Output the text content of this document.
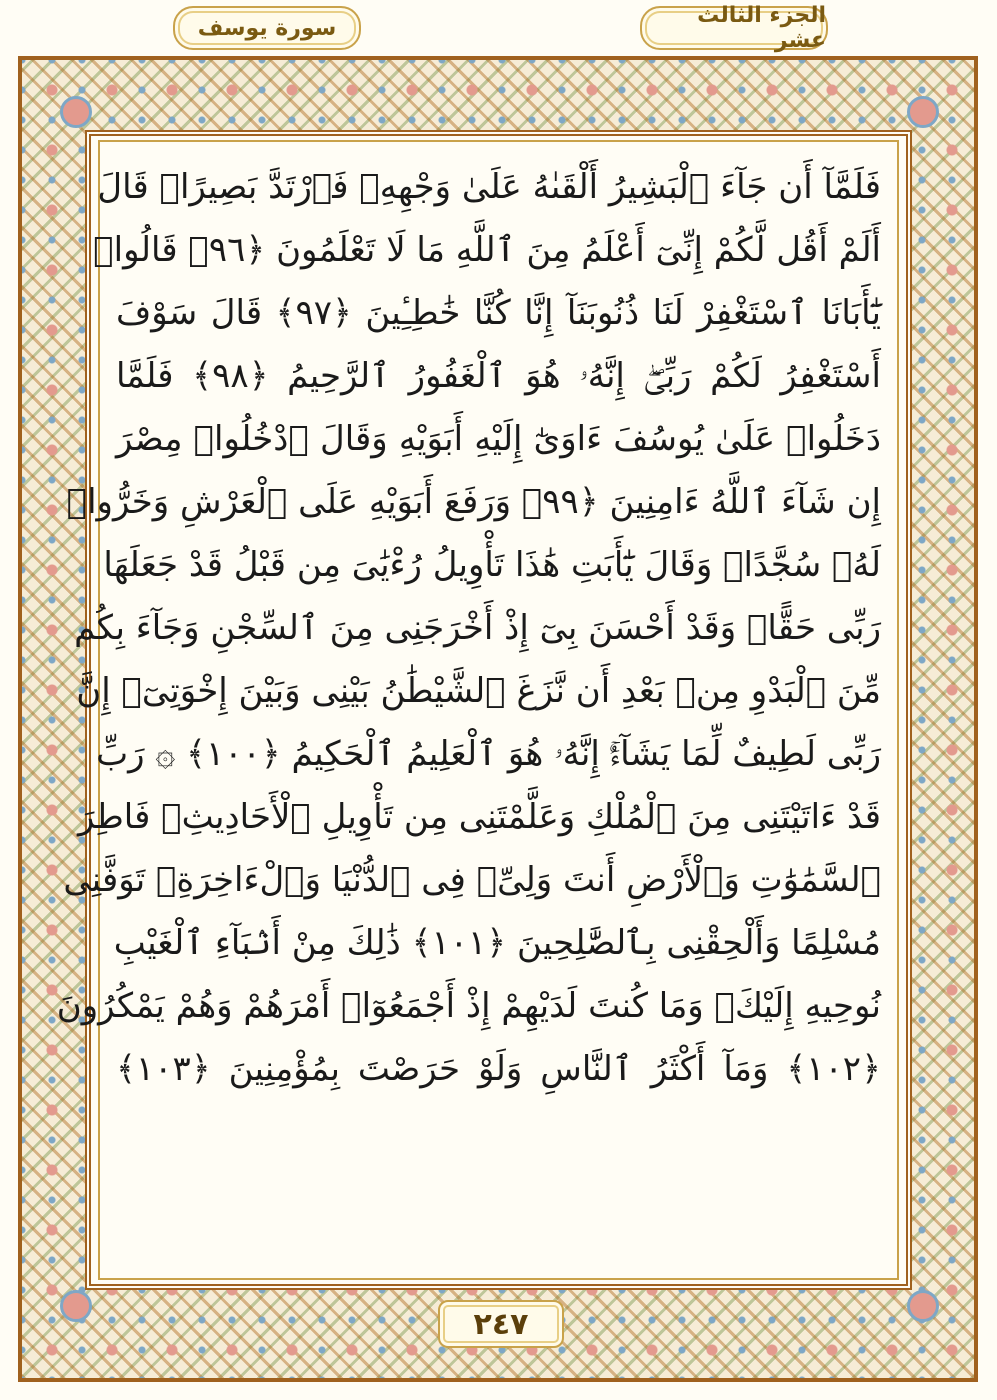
الجزء الثالث عشر
سورة يوسف
فَلَمَّآ أَن جَآءَ ٱلْبَشِيرُ أَلْقَىٰهُ عَلَىٰ وَجْهِهِۦ فَٱرْتَدَّ بَصِيرًاۖ قَالَ
أَلَمْ أَقُل لَّكُمْ إِنِّىٓ أَعْلَمُ مِنَ ٱللَّهِ مَا لَا تَعْلَمُونَ ﴿٩٦﴾ قَالُوا۟
يَٰٓأَبَانَا ٱسْتَغْفِرْ لَنَا ذُنُوبَنَآ إِنَّا كُنَّا خَٰطِـِٔينَ ﴿٩٧﴾ قَالَ سَوْفَ
أَسْتَغْفِرُ لَكُمْ رَبِّىٓۖ إِنَّهُۥ هُوَ ٱلْغَفُورُ ٱلرَّحِيمُ ﴿٩٨﴾ فَلَمَّا
دَخَلُوا۟ عَلَىٰ يُوسُفَ ءَاوَىٰٓ إِلَيْهِ أَبَوَيْهِ وَقَالَ ٱدْخُلُوا۟ مِصْرَ
إِن شَآءَ ٱللَّهُ ءَامِنِينَ ﴿٩٩﴾ وَرَفَعَ أَبَوَيْهِ عَلَى ٱلْعَرْشِ وَخَرُّوا۟
لَهُۥ سُجَّدًاۖ وَقَالَ يَٰٓأَبَتِ هَٰذَا تَأْوِيلُ رُءْيَٰىَ مِن قَبْلُ قَدْ جَعَلَهَا
رَبِّى حَقًّاۖ وَقَدْ أَحْسَنَ بِىٓ إِذْ أَخْرَجَنِى مِنَ ٱلسِّجْنِ وَجَآءَ بِكُم
مِّنَ ٱلْبَدْوِ مِنۢ بَعْدِ أَن نَّزَغَ ٱلشَّيْطَٰنُ بَيْنِى وَبَيْنَ إِخْوَتِىٓۚ إِنَّ
رَبِّى لَطِيفٌ لِّمَا يَشَآءُۚ إِنَّهُۥ هُوَ ٱلْعَلِيمُ ٱلْحَكِيمُ ﴿١٠٠﴾ ۞ رَبِّ
قَدْ ءَاتَيْتَنِى مِنَ ٱلْمُلْكِ وَعَلَّمْتَنِى مِن تَأْوِيلِ ٱلْأَحَادِيثِۚ فَاطِرَ
ٱلسَّمَٰوَٰتِ وَٱلْأَرْضِ أَنتَ وَلِىِّۦ فِى ٱلدُّنْيَا وَٱلْءَاخِرَةِۖ تَوَفَّنِى
مُسْلِمًا وَأَلْحِقْنِى بِٱلصَّٰلِحِينَ ﴿١٠١﴾ ذَٰلِكَ مِنْ أَنۢبَآءِ ٱلْغَيْبِ
نُوحِيهِ إِلَيْكَۖ وَمَا كُنتَ لَدَيْهِمْ إِذْ أَجْمَعُوٓا۟ أَمْرَهُمْ وَهُمْ يَمْكُرُونَ
﴿١٠٢﴾ وَمَآ أَكْثَرُ ٱلنَّاسِ وَلَوْ حَرَصْتَ بِمُؤْمِنِينَ ﴿١٠٣﴾
٢٤٧
